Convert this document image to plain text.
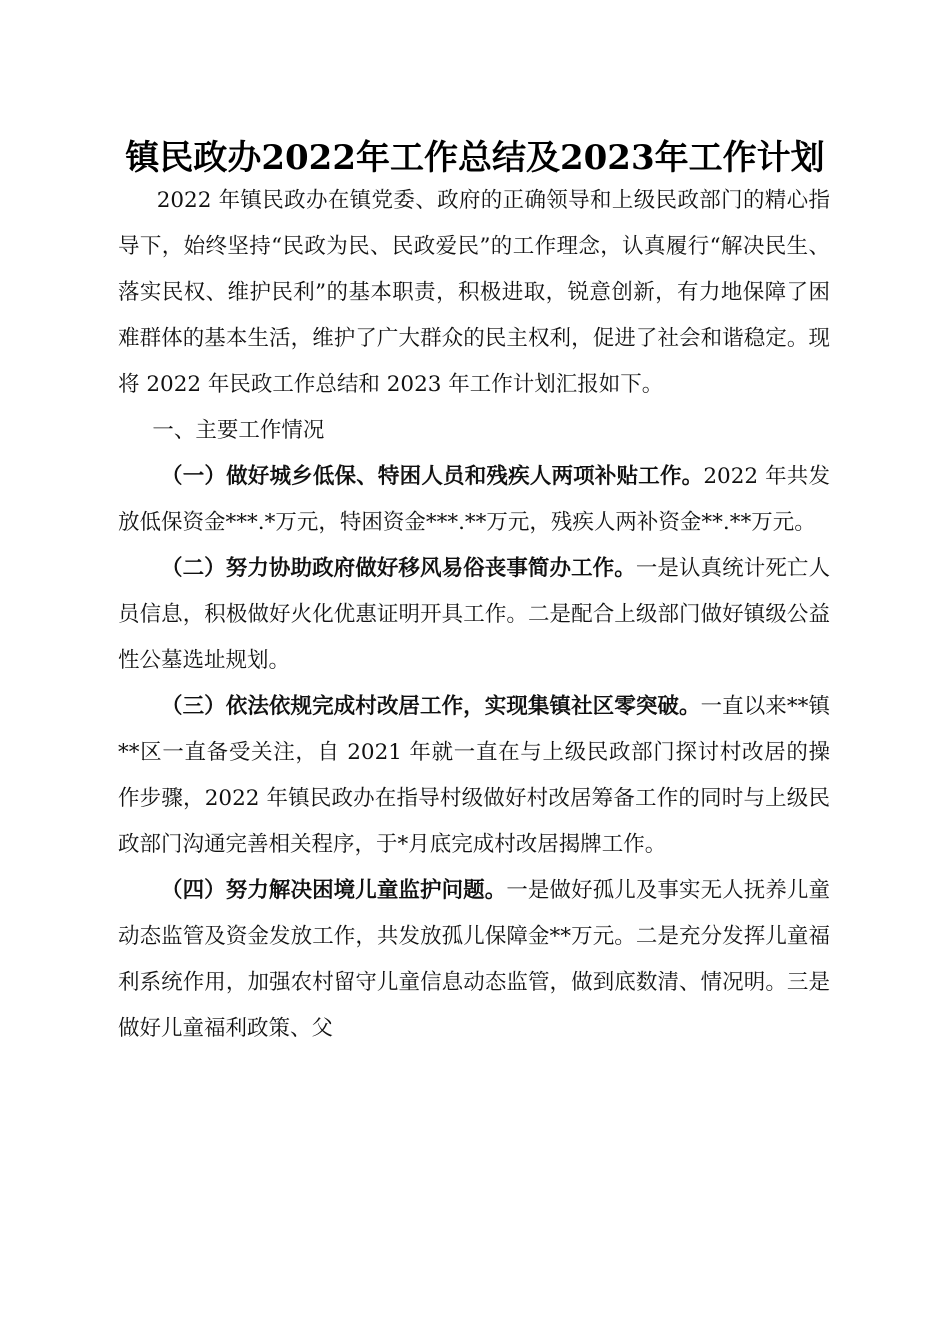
镇民政办2022年工作总结及2023年工作计划

2022 年镇民政办在镇党委、政府的正确领导和上级民政部门的精心指导下，始终坚持“民政为民、民政爱民”的工作理念，认真履行“解决民生、落实民权、维护民利”的基本职责，积极进取，锐意创新，有力地保障了困难群体的基本生活，维护了广大群众的民主权利，促进了社会和谐稳定。现将 2022 年民政工作总结和 2023 年工作计划汇报如下。

一、主要工作情况

（一）做好城乡低保、特困人员和残疾人两项补贴工作。2022 年共发放低保资金***.*万元，特困资金***.**万元，残疾人两补资金**.**万元。

（二）努力协助政府做好移风易俗丧事简办工作。一是认真统计死亡人员信息，积极做好火化优惠证明开具工作。二是配合上级部门做好镇级公益性公墓选址规划。

（三）依法依规完成村改居工作，实现集镇社区零突破。一直以来**镇**区一直备受关注，自 2021 年就一直在与上级民政部门探讨村改居的操作步骤，2022 年镇民政办在指导村级做好村改居筹备工作的同时与上级民政部门沟通完善相关程序，于*月底完成村改居揭牌工作。

（四）努力解决困境儿童监护问题。一是做好孤儿及事实无人抚养儿童动态监管及资金发放工作，共发放孤儿保障金**万元。二是充分发挥儿童福利系统作用，加强农村留守儿童信息动态监管，做到底数清、情况明。三是做好儿童福利政策、父
